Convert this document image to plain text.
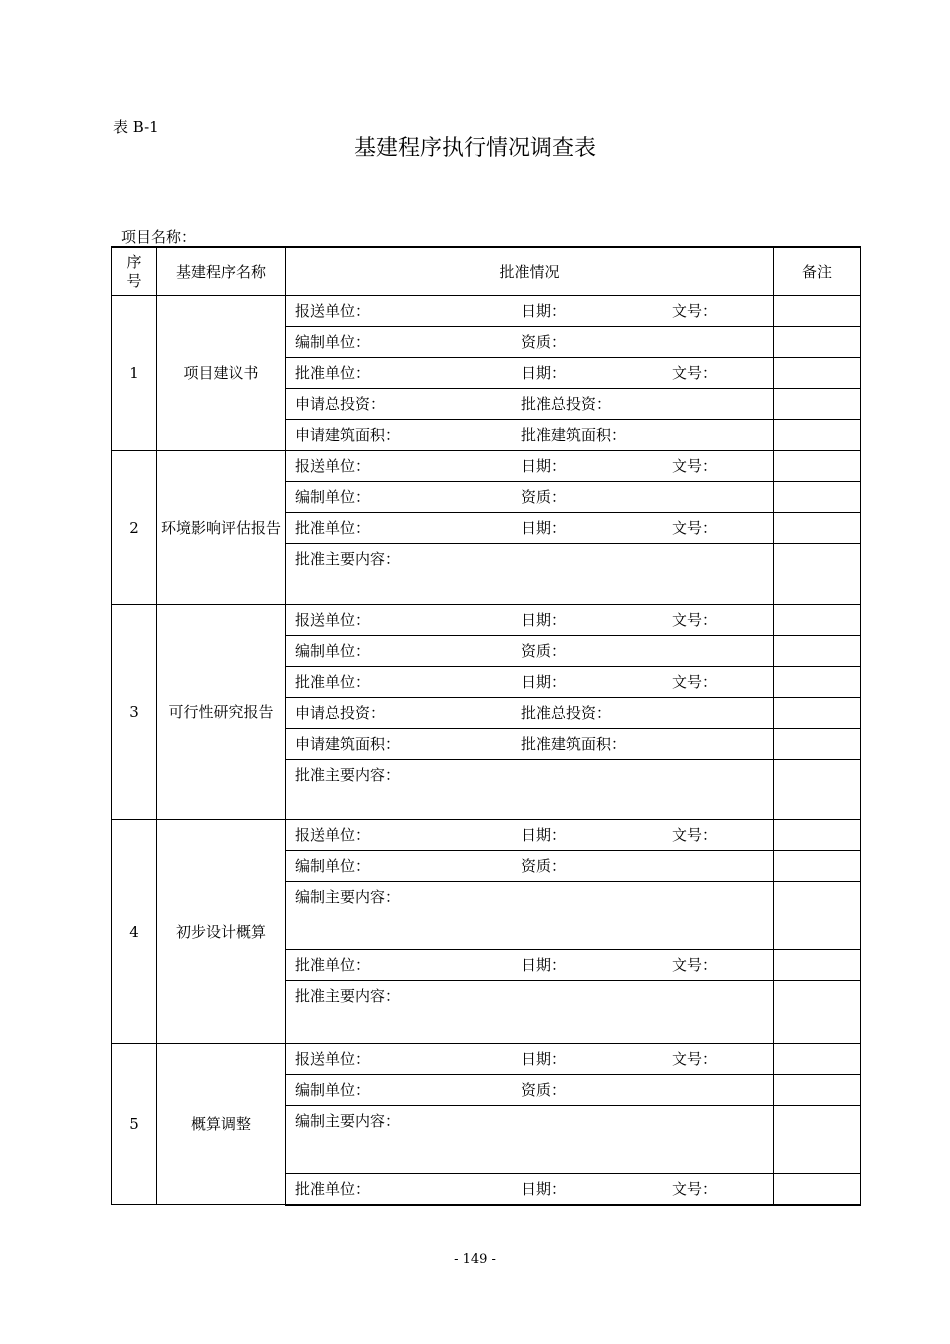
表 B-1
基建程序执行情况调查表
项目名称：
序
号	基建程序名称	批准情况	备注
1	项目建议书	报送单位： 日期： 文号：	

		编制单位： 资质：	

		批准单位： 日期： 文号：	

		申请总投资： 批准总投资：	

		申请建筑面积： 批准建筑面积：	

2	环境影响评估报告	报送单位： 日期： 文号：	

		编制单位： 资质：	

		批准单位： 日期： 文号：	

		批准主要内容：	

3	可行性研究报告	报送单位： 日期： 文号：	

		编制单位： 资质：	

		批准单位： 日期： 文号：	

		申请总投资： 批准总投资：	

		申请建筑面积： 批准建筑面积：	

		批准主要内容：	

4	初步设计概算	报送单位： 日期： 文号：	

		编制单位： 资质：	

		编制主要内容：	

		批准单位： 日期： 文号：	

		批准主要内容：	

5	概算调整	报送单位： 日期： 文号：	

		编制单位： 资质：	

		编制主要内容：	

		批准单位： 日期： 文号：	

- 149 -
